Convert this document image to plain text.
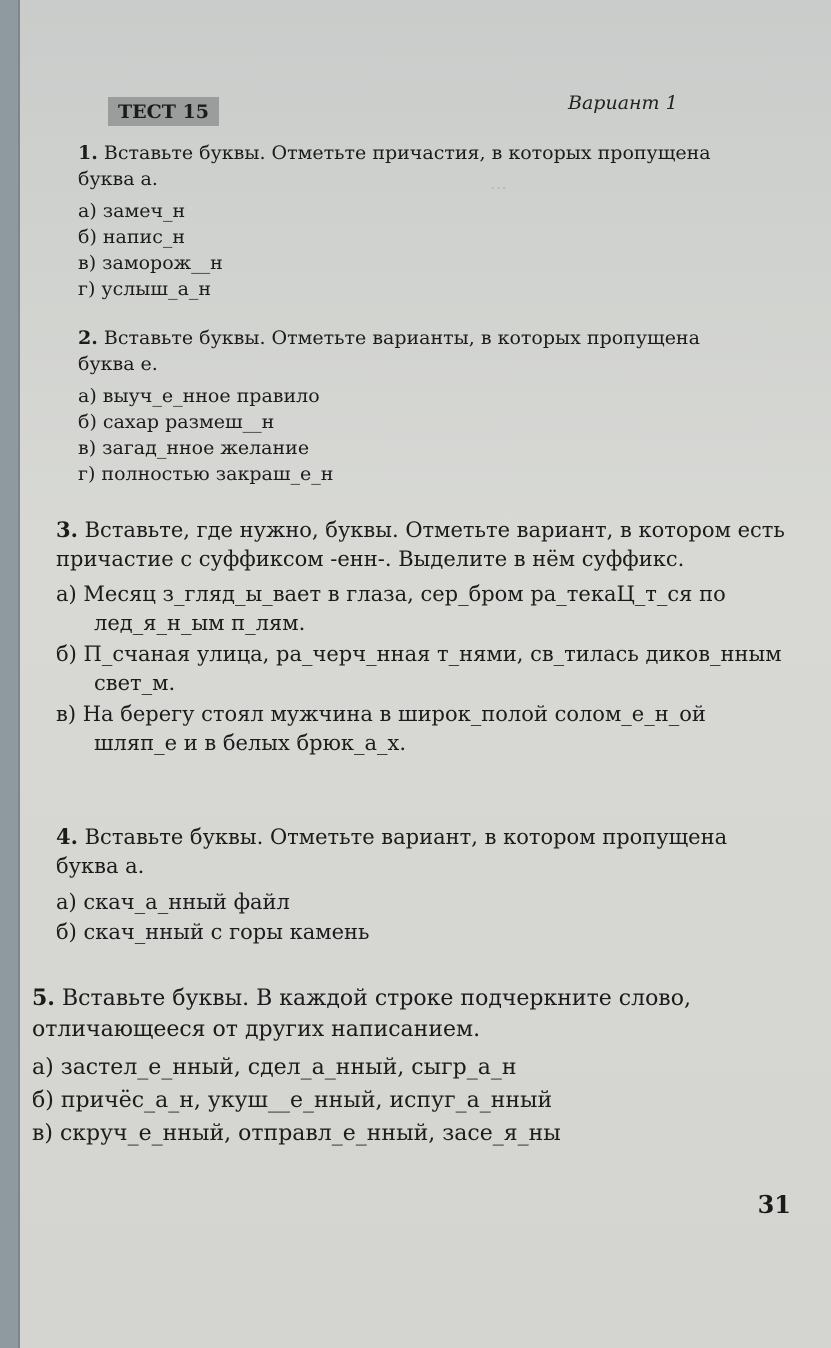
ТЕСТ 15	Вариант 1
...
1. Вставьте буквы. Отметьте причастия, в которых пропущена буква а.
а) замеч_н
б) напис_н
в) заморож__н
г) услыш_а_н
2. Вставьте буквы. Отметьте варианты, в которых пропущена буква е.
а) выуч_е_нное правило
б) сахар размеш__н
в) загад_нное желание
г) полностью закраш_е_н
3. Вставьте, где нужно, буквы. Отметьте вариант, в котором есть причастие с суффиксом -енн-. Выделите в нём суффикс.
а) Месяц з_гляд_ы_вает в глаза, сер_бром ра_текаЦ_т_ся по лед_я_н_ым п_лям.
б) П_счаная улица, ра_черч_нная т_нями, св_тилась диков_нным свет_м.
в) На берегу стоял мужчина в широк_полой солом_е_н_ой шляп_е и в белых брюк_а_х.
4. Вставьте буквы. Отметьте вариант, в котором пропущена буква а.
а) скач_а_нный файл
б) скач_нный с горы камень
5. Вставьте буквы. В каждой строке подчеркните слово, отличающееся от других написанием.
а) застел_е_нный, сдел_а_нный, сыгр_а_н
б) причёс_а_н, укуш__е_нный, испуг_а_нный
в) скруч_е_нный, отправл_е_нный, засе_я_ны
31
